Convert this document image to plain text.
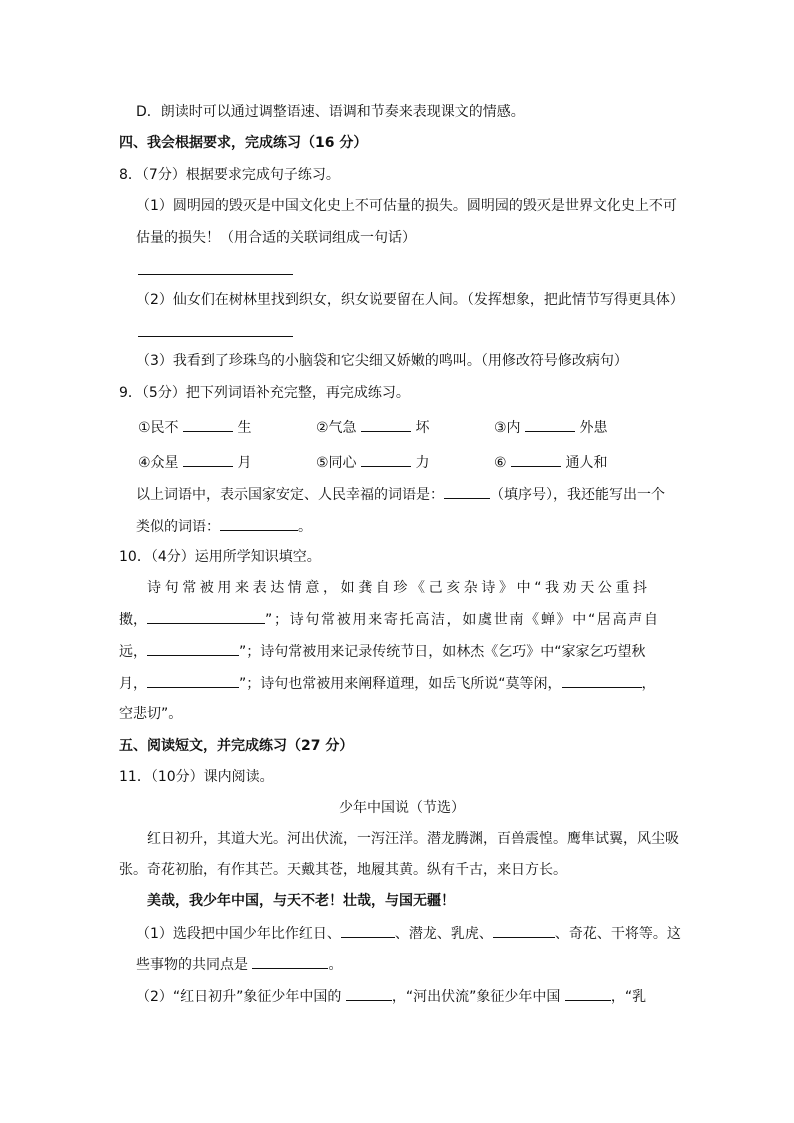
D．朗读时可以通过调整语速、语调和节奏来表现课文的情感。
四、我会根据要求，完成练习（16 分）
8．（7分）根据要求完成句子练习。
（1）圆明园的毁灭是中国文化史上不可估量的损失。圆明园的毁灭是世界文化史上不可
估量的损失！（用合适的关联词组成一句话）
（2）仙女们在树林里找到织女，织女说要留在人间。（发挥想象，把此情节写得更具体）
（3）我看到了珍珠鸟的小脑袋和它尖细又娇嫩的鸣叫。（用修改符号修改病句）
9．（5分）把下列词语补充完整，再完成练习。
①民不	生	②气急	坏	③内	外患
④众星	月	⑤同心	力	⑥	通人和
以上词语中，表示国家安定、人民幸福的词语是：	（填序号），我还能写出一个
类似的词语：	。
10．（4分）运用所学知识填空。
诗句常被用来表达情意，如龚自珍《己亥杂诗》中“我劝天公重抖
擞，	”；诗句常被用来寄托高洁，如虞世南《蝉》中“居高声自
远，	”；诗句常被用来记录传统节日，如林杰《乞巧》中“家家乞巧望秋
月，	”；诗句也常被用来阐释道理，如岳飞所说“莫等闲，	，
空悲切”。
五、阅读短文，并完成练习（27 分）
11．（10分）课内阅读。
少年中国说（节选）
红日初升，其道大光。河出伏流，一泻汪洋。潜龙腾渊，百兽震惶。鹰隼试翼，风尘吸
张。奇花初胎，有作其芒。天戴其苍，地履其黄。纵有千古，来日方长。
美哉，我少年中国，与天不老！壮哉，与国无疆！
（1）选段把中国少年比作红日、	、潜龙、乳虎、	、奇花、干将等。这
些事物的共同点是	。
（2）“红日初升”象征少年中国的	，“河出伏流”象征少年中国	，“乳
